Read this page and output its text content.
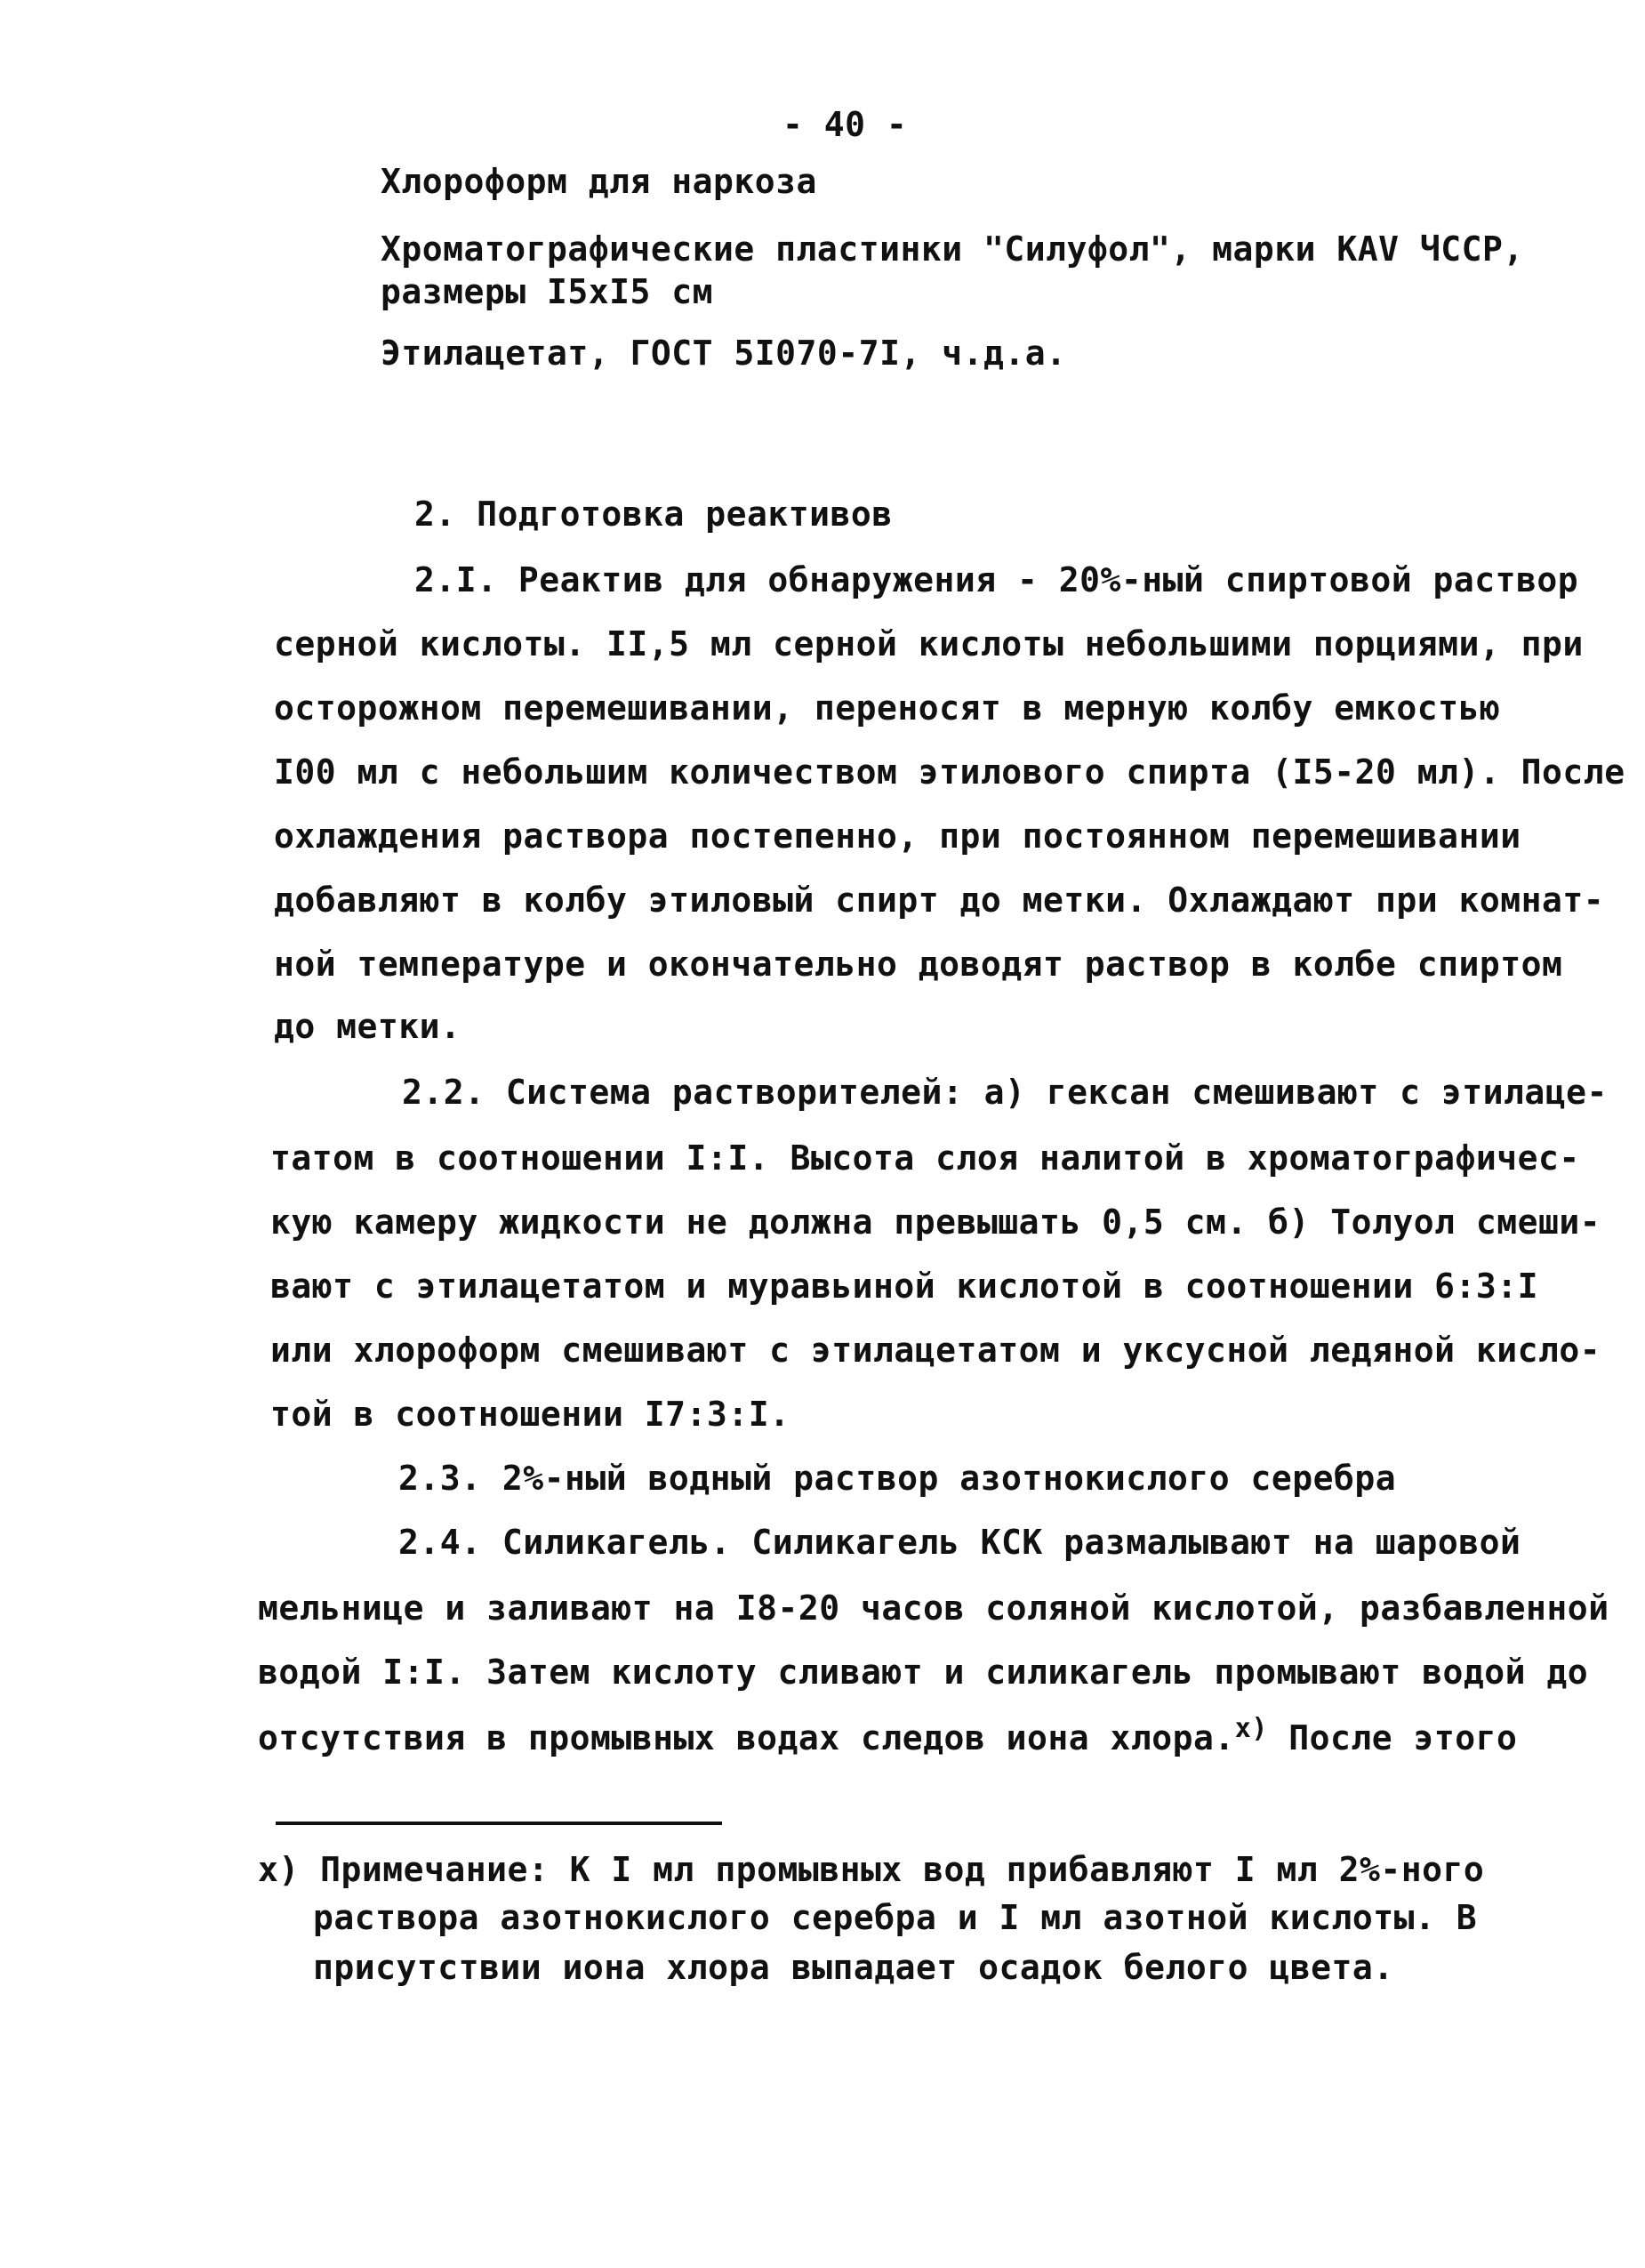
- 40 -
Хлороформ для наркоза
Хроматографические пластинки "Силуфол", марки КАV ЧССР,
размеры I5xI5 см
Этилацетат, ГОСТ 5I070-7I, ч.д.а.
2. Подготовка реактивов
2.I. Реактив для обнаружения - 20%-ный спиртовой раствор
серной кислоты. II,5 мл серной кислоты небольшими порциями, при
осторожном перемешивании, переносят в мерную колбу емкостью
I00 мл с небольшим количеством этилового спирта (I5-20 мл). После
охлаждения раствора постепенно, при постоянном перемешивании
добавляют в колбу этиловый спирт до метки. Охлаждают при комнат-
ной температуре и окончательно доводят раствор в колбе спиртом
до метки.
2.2. Система растворителей: а) гексан смешивают с этилаце-
татом в соотношении I:I. Высота слоя налитой в хроматографичес-
кую камеру жидкости не должна превышать 0,5 см. б) Толуол смеши-
вают с этилацетатом и муравьиной кислотой в соотношении 6:3:I
или хлороформ смешивают с этилацетатом и уксусной ледяной кисло-
той в соотношении I7:3:I.
2.3. 2%-ный водный раствор азотнокислого серебра
2.4. Силикагель. Силикагель КСК размалывают на шаровой
мельнице и заливают на I8-20 часов соляной кислотой, разбавленной
водой I:I. Затем кислоту сливают и силикагель промывают водой до
отсутствия в промывных водах следов иона хлора.$^{x)}$ После этого
x) Примечание: К I мл промывных вод прибавляют I мл 2%-ного
раствора азотнокислого серебра и I мл азотной кислоты. В
присутствии иона хлора выпадает осадок белого цвета.
